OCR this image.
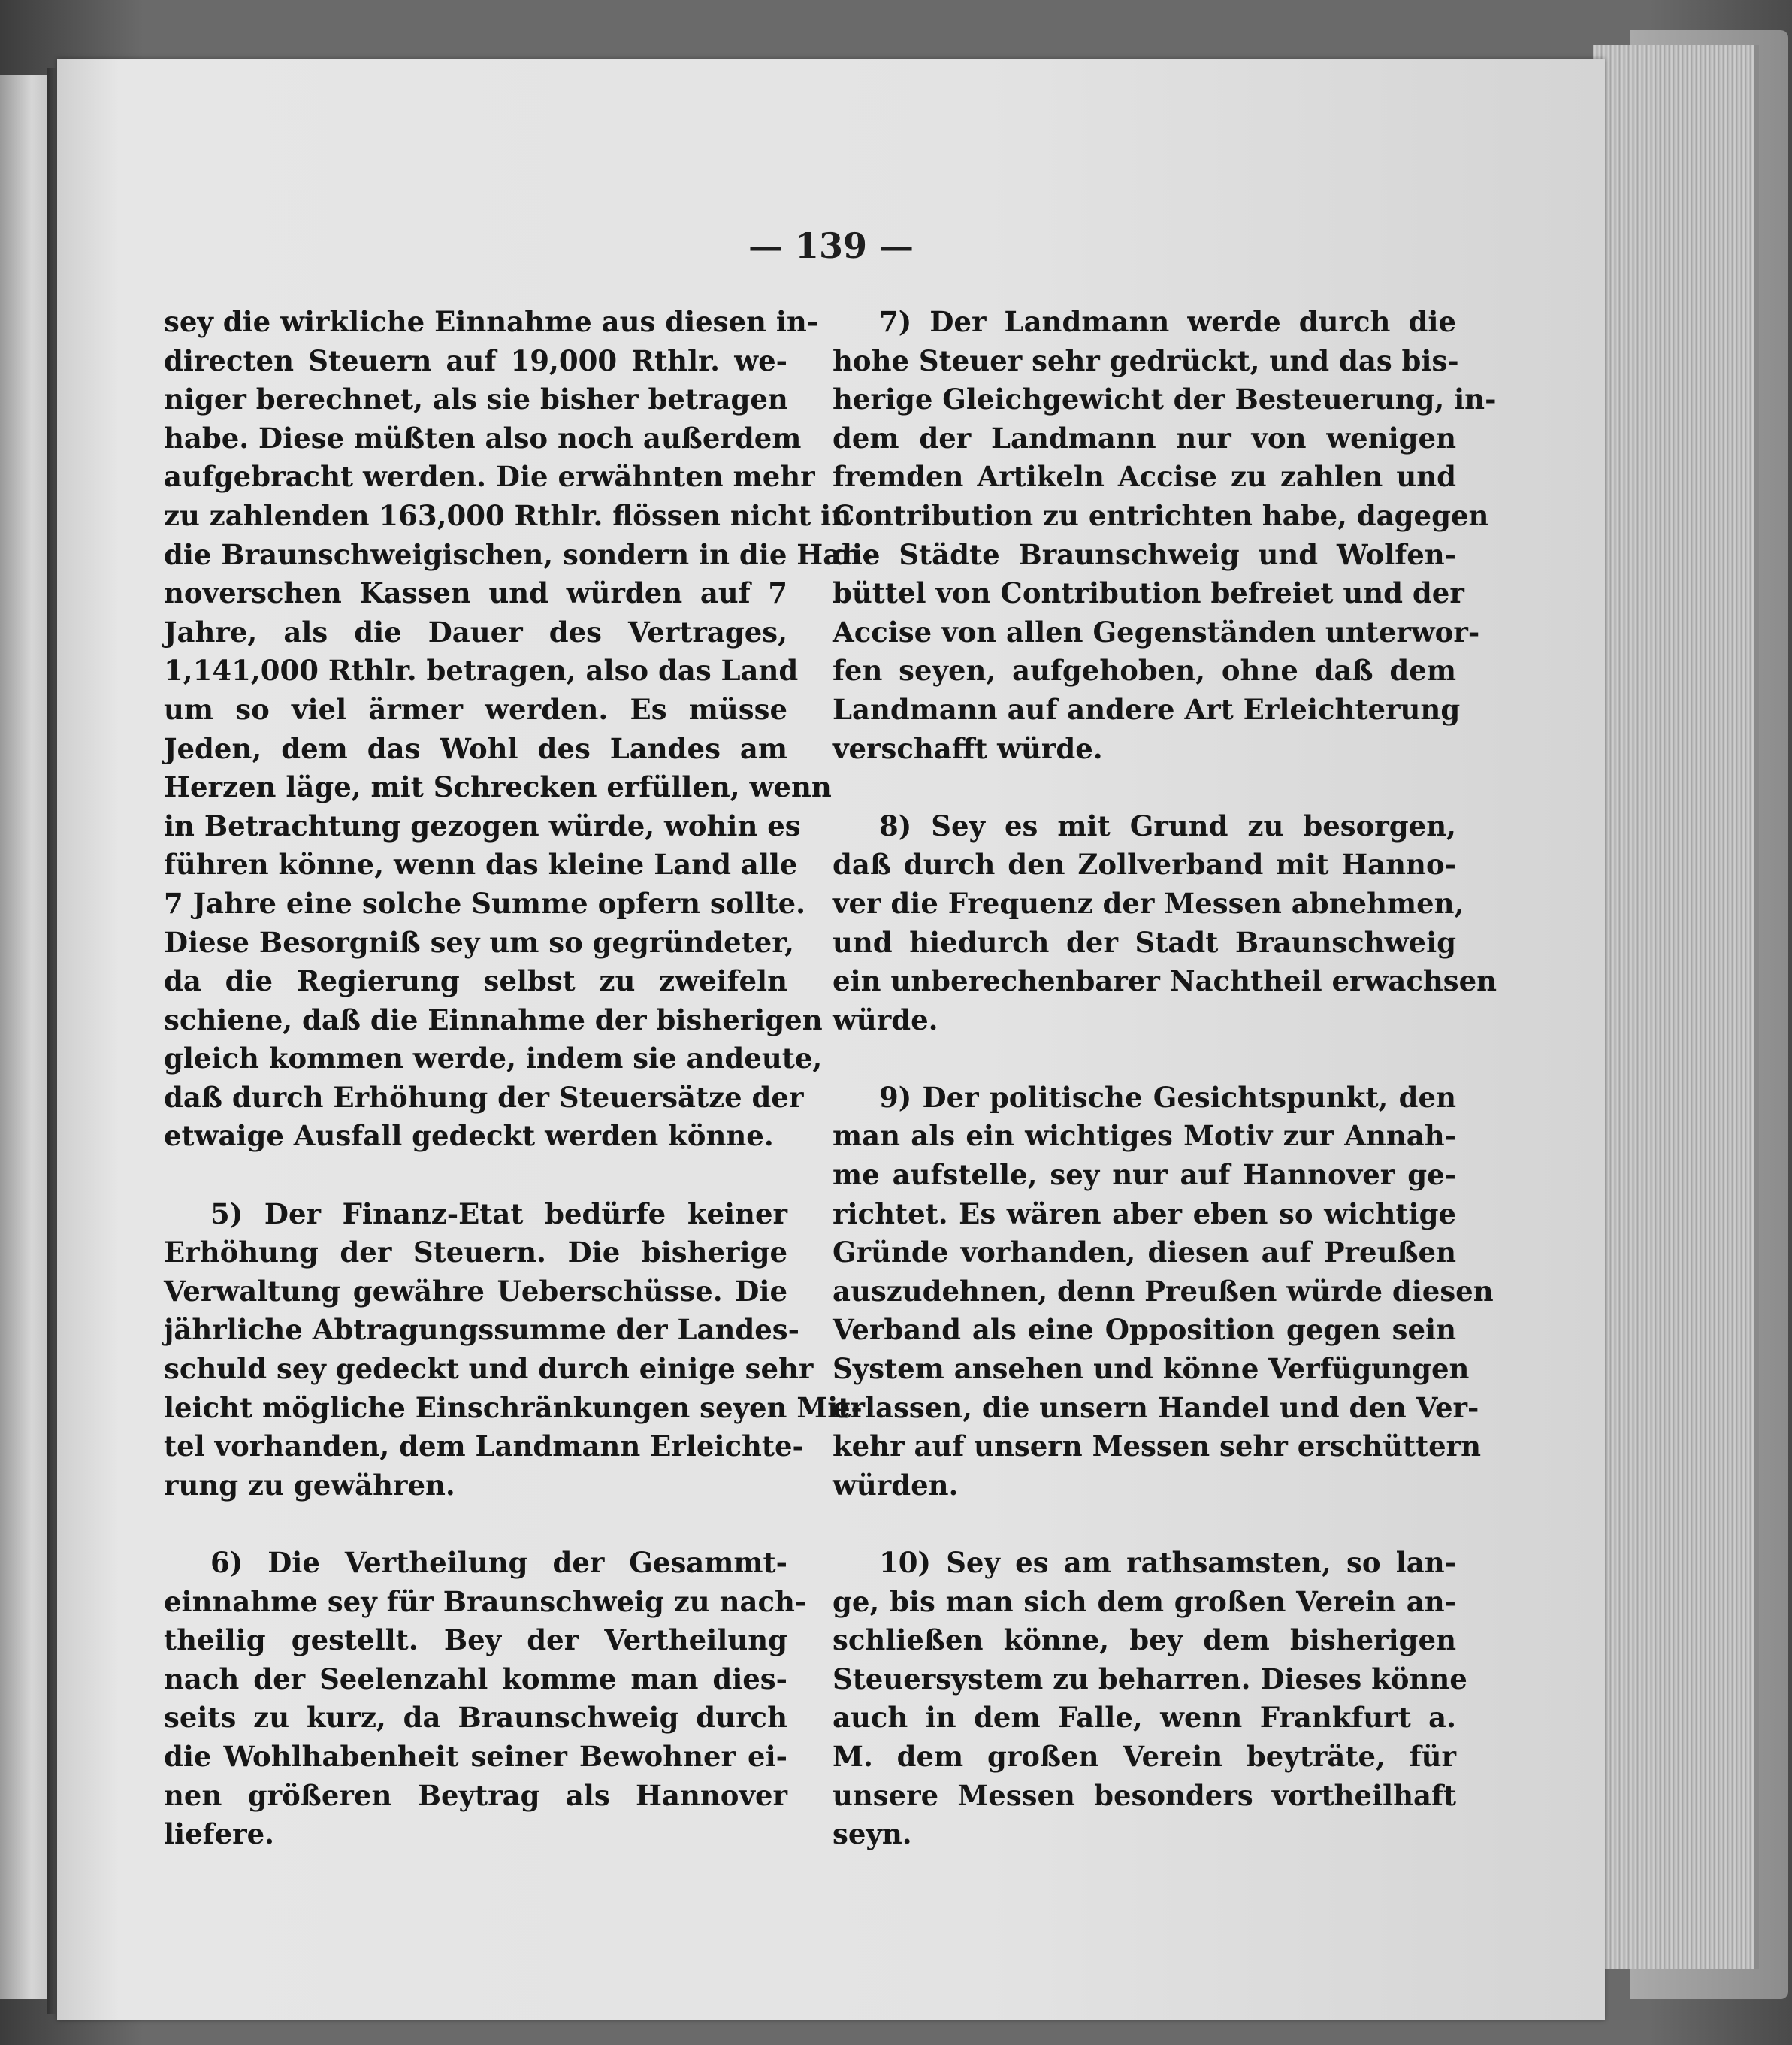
— 139 —
sey die wirkliche Einnahme aus diesen in-
directen Steuern auf 19,000 Rthlr. we-
niger berechnet, als sie bisher betragen
habe. Diese müßten also noch außerdem
aufgebracht werden. Die erwähnten mehr
zu zahlenden 163,000 Rthlr. flössen nicht in
die Braunschweigischen, sondern in die Han-
noverschen Kassen und würden auf 7
Jahre, als die Dauer des Vertrages,
1,141,000 Rthlr. betragen, also das Land
um so viel ärmer werden. Es müsse
Jeden, dem das Wohl des Landes am
Herzen läge, mit Schrecken erfüllen, wenn
in Betrachtung gezogen würde, wohin es
führen könne, wenn das kleine Land alle
7 Jahre eine solche Summe opfern sollte.
Diese Besorgniß sey um so gegründeter,
da die Regierung selbst zu zweifeln
schiene, daß die Einnahme der bisherigen
gleich kommen werde, indem sie andeute,
daß durch Erhöhung der Steuersätze der
etwaige Ausfall gedeckt werden könne.
5) Der Finanz-Etat bedürfe keiner
Erhöhung der Steuern. Die bisherige
Verwaltung gewähre Ueberschüsse. Die
jährliche Abtragungssumme der Landes-
schuld sey gedeckt und durch einige sehr
leicht mögliche Einschränkungen seyen Mit-
tel vorhanden, dem Landmann Erleichte-
rung zu gewähren.
6) Die Vertheilung der Gesammt-
einnahme sey für Braunschweig zu nach-
theilig gestellt. Bey der Vertheilung
nach der Seelenzahl komme man dies-
seits zu kurz, da Braunschweig durch
die Wohlhabenheit seiner Bewohner ei-
nen größeren Beytrag als Hannover
liefere.
7) Der Landmann werde durch die
hohe Steuer sehr gedrückt, und das bis-
herige Gleichgewicht der Besteuerung, in-
dem der Landmann nur von wenigen
fremden Artikeln Accise zu zahlen und
Contribution zu entrichten habe, dagegen
die Städte Braunschweig und Wolfen-
büttel von Contribution befreiet und der
Accise von allen Gegenständen unterwor-
fen seyen, aufgehoben, ohne daß dem
Landmann auf andere Art Erleichterung
verschafft würde.
8) Sey es mit Grund zu besorgen,
daß durch den Zollverband mit Hanno-
ver die Frequenz der Messen abnehmen,
und hiedurch der Stadt Braunschweig
ein unberechenbarer Nachtheil erwachsen
würde.
9) Der politische Gesichtspunkt, den
man als ein wichtiges Motiv zur Annah-
me aufstelle, sey nur auf Hannover ge-
richtet. Es wären aber eben so wichtige
Gründe vorhanden, diesen auf Preußen
auszudehnen, denn Preußen würde diesen
Verband als eine Opposition gegen sein
System ansehen und könne Verfügungen
erlassen, die unsern Handel und den Ver-
kehr auf unsern Messen sehr erschüttern
würden.
10) Sey es am rathsamsten, so lan-
ge, bis man sich dem großen Verein an-
schließen könne, bey dem bisherigen
Steuersystem zu beharren. Dieses könne
auch in dem Falle, wenn Frankfurt a.
M. dem großen Verein beyträte, für
unsere Messen besonders vortheilhaft
seyn.
